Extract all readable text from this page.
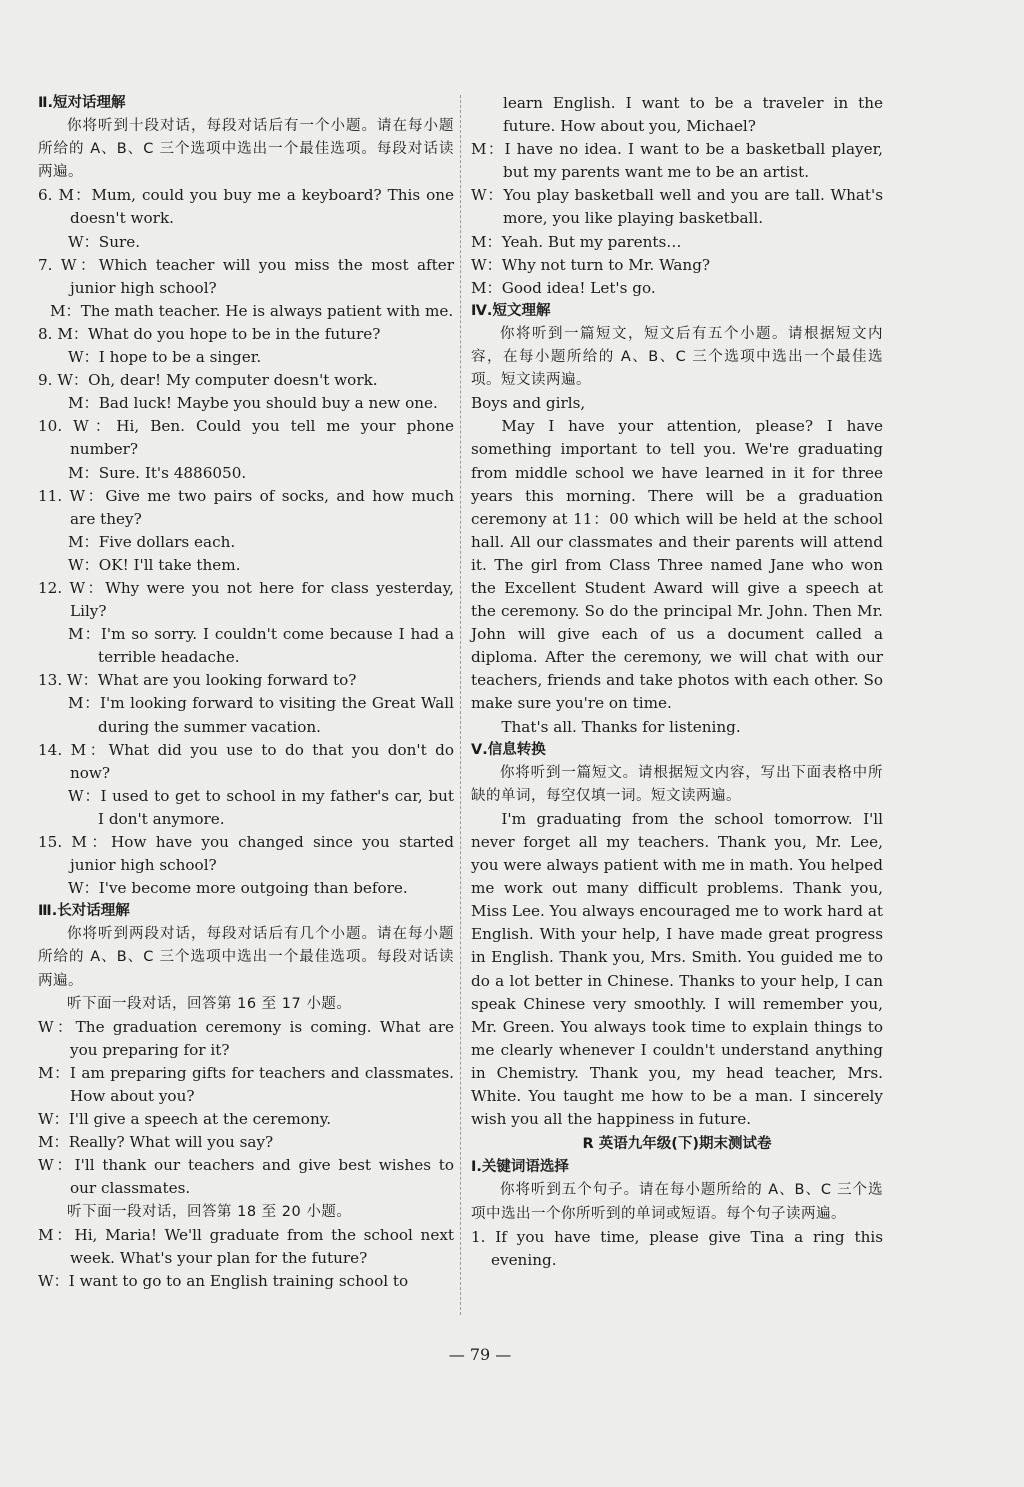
Ⅱ.短对话理解

你将听到十段对话，每段对话后有一个小题。请在每小题所给的 A、B、C 三个选项中选出一个最佳选项。每段对话读两遍。

6. M：Mum, could you buy me a keyboard? This one doesn't work.

W：Sure.

7. W：Which teacher will you miss the most after junior high school?

M：The math teacher. He is always patient with me.

8. M：What do you hope to be in the future?

W：I hope to be a singer.

9. W：Oh, dear! My computer doesn't work.

M：Bad luck! Maybe you should buy a new one.

10. W：Hi, Ben. Could you tell me your phone number?

M：Sure. It's 4886050.

11. W：Give me two pairs of socks, and how much are they?

M：Five dollars each.

W：OK! I'll take them.

12. W：Why were you not here for class yesterday, Lily?

M：I'm so sorry. I couldn't come because I had a terrible headache.

13. W：What are you looking forward to?

M：I'm looking forward to visiting the Great Wall during the summer vacation.

14. M：What did you use to do that you don't do now?

W：I used to get to school in my father's car, but I don't anymore.

15. M：How have you changed since you started junior high school?

W：I've become more outgoing than before.

Ⅲ.长对话理解

你将听到两段对话，每段对话后有几个小题。请在每小题所给的 A、B、C 三个选项中选出一个最佳选项。每段对话读两遍。

听下面一段对话，回答第 16 至 17 小题。

W：The graduation ceremony is coming. What are you preparing for it?

M：I am preparing gifts for teachers and classmates. How about you?

W：I'll give a speech at the ceremony.

M：Really? What will you say?

W：I'll thank our teachers and give best wishes to our classmates.

听下面一段对话，回答第 18 至 20 小题。

M：Hi, Maria! We'll graduate from the school next week. What's your plan for the future?

W：I want to go to an English training school to

learn English. I want to be a traveler in the future. How about you, Michael?

M：I have no idea. I want to be a basketball player, but my parents want me to be an artist.

W：You play basketball well and you are tall. What's more, you like playing basketball.

M：Yeah. But my parents…

W：Why not turn to Mr. Wang?

M：Good idea! Let's go.

Ⅳ.短文理解

你将听到一篇短文，短文后有五个小题。请根据短文内容，在每小题所给的 A、B、C 三个选项中选出一个最佳选项。短文读两遍。

Boys and girls,

May I have your attention, please? I have something important to tell you. We're graduating from middle school we have learned in it for three years this morning. There will be a graduation ceremony at 11：00 which will be held at the school hall. All our classmates and their parents will attend it. The girl from Class Three named Jane who won the Excellent Student Award will give a speech at the ceremony. So do the principal Mr. John. Then Mr. John will give each of us a document called a diploma. After the ceremony, we will chat with our teachers, friends and take photos with each other. So make sure you're on time.

That's all. Thanks for listening.

Ⅴ.信息转换

你将听到一篇短文。请根据短文内容，写出下面表格中所缺的单词，每空仅填一词。短文读两遍。

I'm graduating from the school tomorrow. I'll never forget all my teachers. Thank you, Mr. Lee, you were always patient with me in math. You helped me work out many difficult problems. Thank you, Miss Lee. You always encouraged me to work hard at English. With your help, I have made great progress in English. Thank you, Mrs. Smith. You guided me to do a lot better in Chinese. Thanks to your help, I can speak Chinese very smoothly. I will remember you, Mr. Green. You always took time to explain things to me clearly whenever I couldn't understand anything in Chemistry. Thank you, my head teacher, Mrs. White. You taught me how to be a man. I sincerely wish you all the happiness in future.

R 英语九年级(下)期末测试卷

Ⅰ.关键词语选择

你将听到五个句子。请在每小题所给的 A、B、C 三个选项中选出一个你所听到的单词或短语。每个句子读两遍。

1. If you have time, please give Tina a ring this evening.

— 79 —
